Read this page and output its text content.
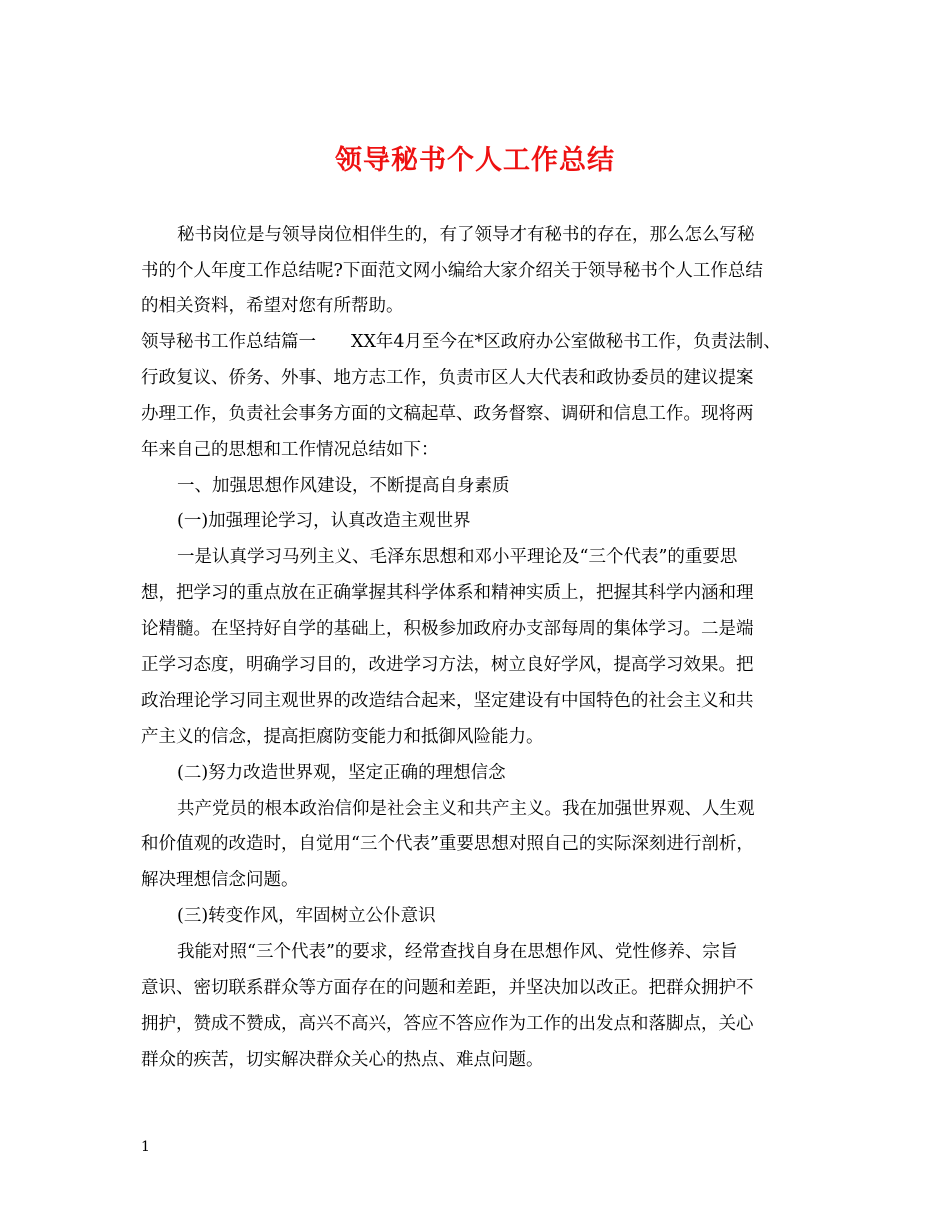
领导秘书个人工作总结
秘书岗位是与领导岗位相伴生的，有了领导才有秘书的存在，那么怎么写秘
书的个人年度工作总结呢?下面范文网小编给大家介绍关于领导秘书个人工作总结
的相关资料，希望对您有所帮助。
领导秘书工作总结篇一　　XX年4月至今在*区政府办公室做秘书工作，负责法制、
行政复议、侨务、外事、地方志工作，负责市区人大代表和政协委员的建议提案
办理工作，负责社会事务方面的文稿起草、政务督察、调研和信息工作。现将两
年来自己的思想和工作情况总结如下：
一、加强思想作风建设，不断提高自身素质
(一)加强理论学习，认真改造主观世界
一是认真学习马列主义、毛泽东思想和邓小平理论及“三个代表”的重要思
想，把学习的重点放在正确掌握其科学体系和精神实质上，把握其科学内涵和理
论精髓。在坚持好自学的基础上，积极参加政府办支部每周的集体学习。二是端
正学习态度，明确学习目的，改进学习方法，树立良好学风，提高学习效果。把
政治理论学习同主观世界的改造结合起来，坚定建设有中国特色的社会主义和共
产主义的信念，提高拒腐防变能力和抵御风险能力。
(二)努力改造世界观，坚定正确的理想信念
共产党员的根本政治信仰是社会主义和共产主义。我在加强世界观、人生观
和价值观的改造时，自觉用“三个代表”重要思想对照自己的实际深刻进行剖析，
解决理想信念问题。
(三)转变作风，牢固树立公仆意识
我能对照“三个代表”的要求，经常查找自身在思想作风、党性修养、宗旨
意识、密切联系群众等方面存在的问题和差距，并坚决加以改正。把群众拥护不
拥护，赞成不赞成，高兴不高兴，答应不答应作为工作的出发点和落脚点，关心
群众的疾苦，切实解决群众关心的热点、难点问题。
1
